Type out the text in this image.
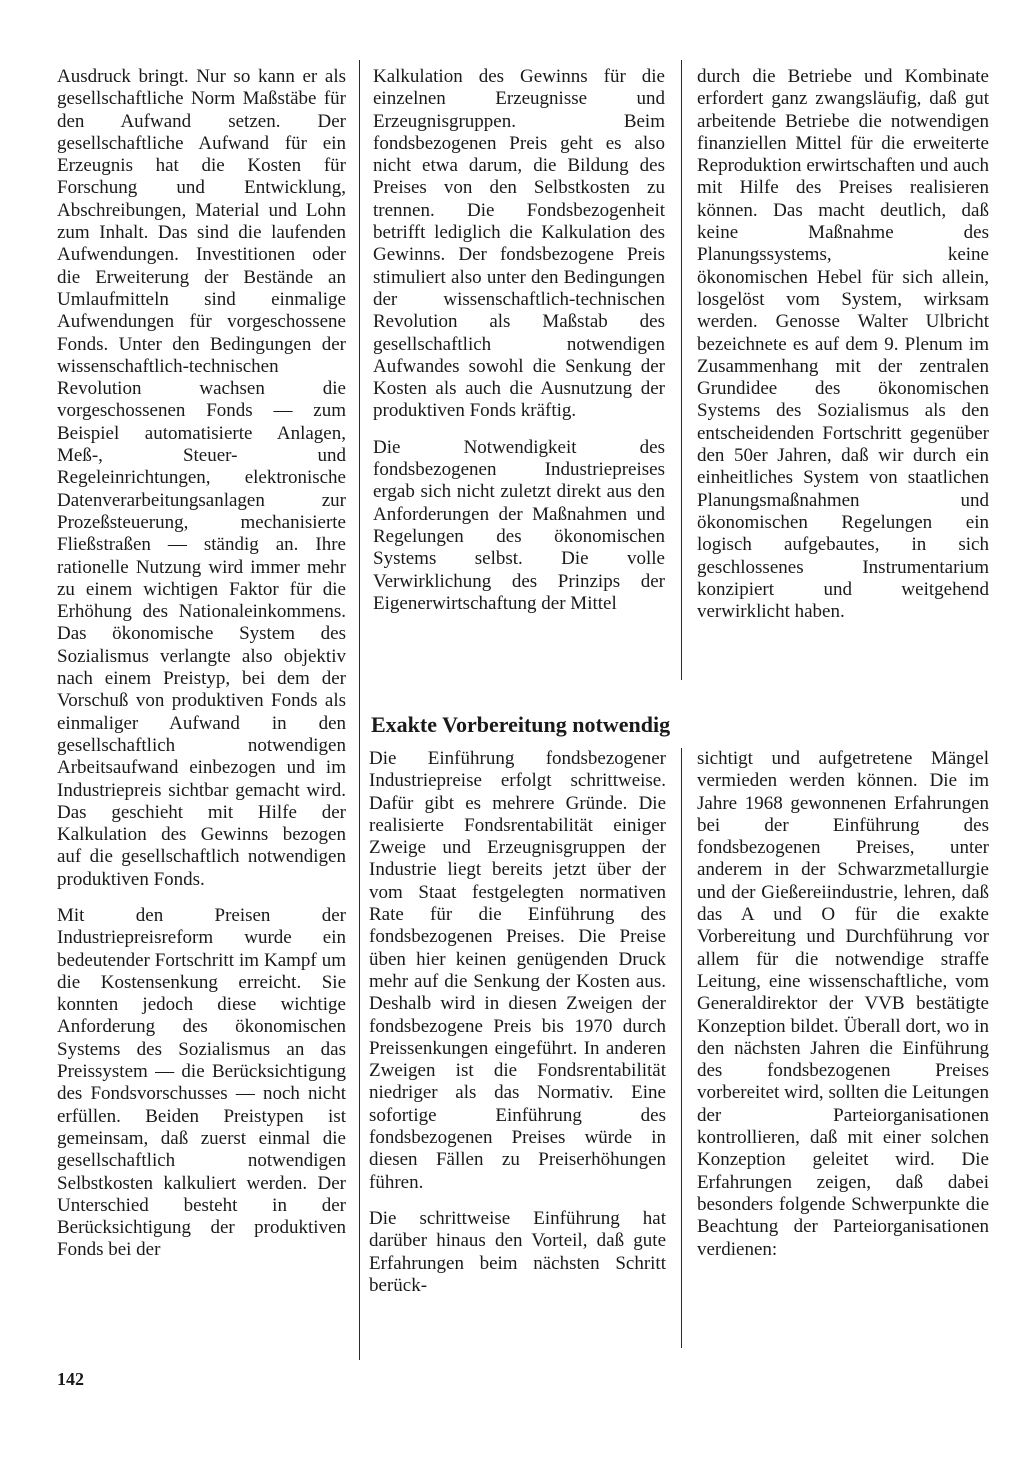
Ausdruck bringt. Nur so kann er als gesellschaftliche Norm Maßstäbe für den Aufwand setzen. Der gesellschaftliche Aufwand für ein Erzeugnis hat die Kosten für Forschung und Entwicklung, Abschreibungen, Material und Lohn zum Inhalt. Das sind die laufenden Aufwendungen. Investitionen oder die Erweiterung der Bestände an Umlaufmitteln sind einmalige Aufwendungen für vorgeschossene Fonds. Unter den Bedingungen der wissenschaftlich-technischen Revolution wachsen die vorgeschossenen Fonds — zum Beispiel automatisierte Anlagen, Meß-, Steuer- und Regeleinrichtungen, elektronische Datenverarbeitungsanlagen zur Prozeßsteuerung, mechanisierte Fließstraßen — ständig an. Ihre rationelle Nutzung wird immer mehr zu einem wichtigen Faktor für die Erhöhung des Nationaleinkommens. Das ökonomische System des Sozialismus verlangte also objektiv nach einem Preistyp, bei dem der Vorschuß von produktiven Fonds als einmaliger Aufwand in den gesellschaftlich notwendigen Arbeitsaufwand einbezogen und im Industriepreis sichtbar gemacht wird. Das geschieht mit Hilfe der Kalkulation des Gewinns bezogen auf die gesellschaftlich notwendigen produktiven Fonds.

Mit den Preisen der Industriepreisreform wurde ein bedeutender Fortschritt im Kampf um die Kostensenkung erreicht. Sie konnten jedoch diese wichtige Anforderung des ökonomischen Systems des Sozialismus an das Preissystem — die Berücksichtigung des Fondsvorschusses — noch nicht erfüllen. Beiden Preistypen ist gemeinsam, daß zuerst einmal die gesellschaftlich notwendigen Selbstkosten kalkuliert werden. Der Unterschied besteht in der Berücksichtigung der produktiven Fonds bei der

Kalkulation des Gewinns für die einzelnen Erzeugnisse und Erzeugnisgruppen. Beim fondsbezogenen Preis geht es also nicht etwa darum, die Bildung des Preises von den Selbstkosten zu trennen. Die Fondsbezogenheit betrifft lediglich die Kalkulation des Gewinns. Der fondsbezogene Preis stimuliert also unter den Bedingungen der wissenschaftlich-technischen Revolution als Maßstab des gesellschaftlich notwendigen Aufwandes sowohl die Senkung der Kosten als auch die Ausnutzung der produktiven Fonds kräftig.

Die Notwendigkeit des fondsbezogenen Industriepreises ergab sich nicht zuletzt direkt aus den Anforderungen der Maßnahmen und Regelungen des ökonomischen Systems selbst. Die volle Verwirklichung des Prinzips der Eigenerwirtschaftung der Mittel

durch die Betriebe und Kombinate erfordert ganz zwangsläufig, daß gut arbeitende Betriebe die notwendigen finanziellen Mittel für die erweiterte Reproduktion erwirtschaften und auch mit Hilfe des Preises realisieren können. Das macht deutlich, daß keine Maßnahme des Planungssystems, keine ökonomischen Hebel für sich allein, losgelöst vom System, wirksam werden. Genosse Walter Ulbricht bezeichnete es auf dem 9. Plenum im Zusammenhang mit der zentralen Grundidee des ökonomischen Systems des Sozialismus als den entscheidenden Fortschritt gegenüber den 50er Jahren, daß wir durch ein einheitliches System von staatlichen Planungsmaßnahmen und ökonomischen Regelungen ein logisch aufgebautes, in sich geschlossenes Instrumentarium konzipiert und weitgehend verwirklicht haben.

Exakte Vorbereitung notwendig

Die Einführung fondsbezogener Industriepreise erfolgt schrittweise. Dafür gibt es mehrere Gründe. Die realisierte Fondsrentabilität einiger Zweige und Erzeugnisgruppen der Industrie liegt bereits jetzt über der vom Staat festgelegten normativen Rate für die Einführung des fondsbezogenen Preises. Die Preise üben hier keinen genügenden Druck mehr auf die Senkung der Kosten aus. Deshalb wird in diesen Zweigen der fondsbezogene Preis bis 1970 durch Preissenkungen eingeführt. In anderen Zweigen ist die Fondsrentabilität niedriger als das Normativ. Eine sofortige Einführung des fondsbezogenen Preises würde in diesen Fällen zu Preiserhöhungen führen.

Die schrittweise Einführung hat darüber hinaus den Vorteil, daß gute Erfahrungen beim nächsten Schritt berück-

sichtigt und aufgetretene Mängel vermieden werden können. Die im Jahre 1968 gewonnenen Erfahrungen bei der Einführung des fondsbezogenen Preises, unter anderem in der Schwarzmetallurgie und der Gießereiindustrie, lehren, daß das A und O für die exakte Vorbereitung und Durchführung vor allem für die notwendige straffe Leitung, eine wissenschaftliche, vom Generaldirektor der VVB bestätigte Konzeption bildet. Überall dort, wo in den nächsten Jahren die Einführung des fondsbezogenen Preises vorbereitet wird, sollten die Leitungen der Parteiorganisationen kontrollieren, daß mit einer solchen Konzeption geleitet wird. Die Erfahrungen zeigen, daß dabei besonders folgende Schwerpunkte die Beachtung der Parteiorganisationen verdienen:

142
